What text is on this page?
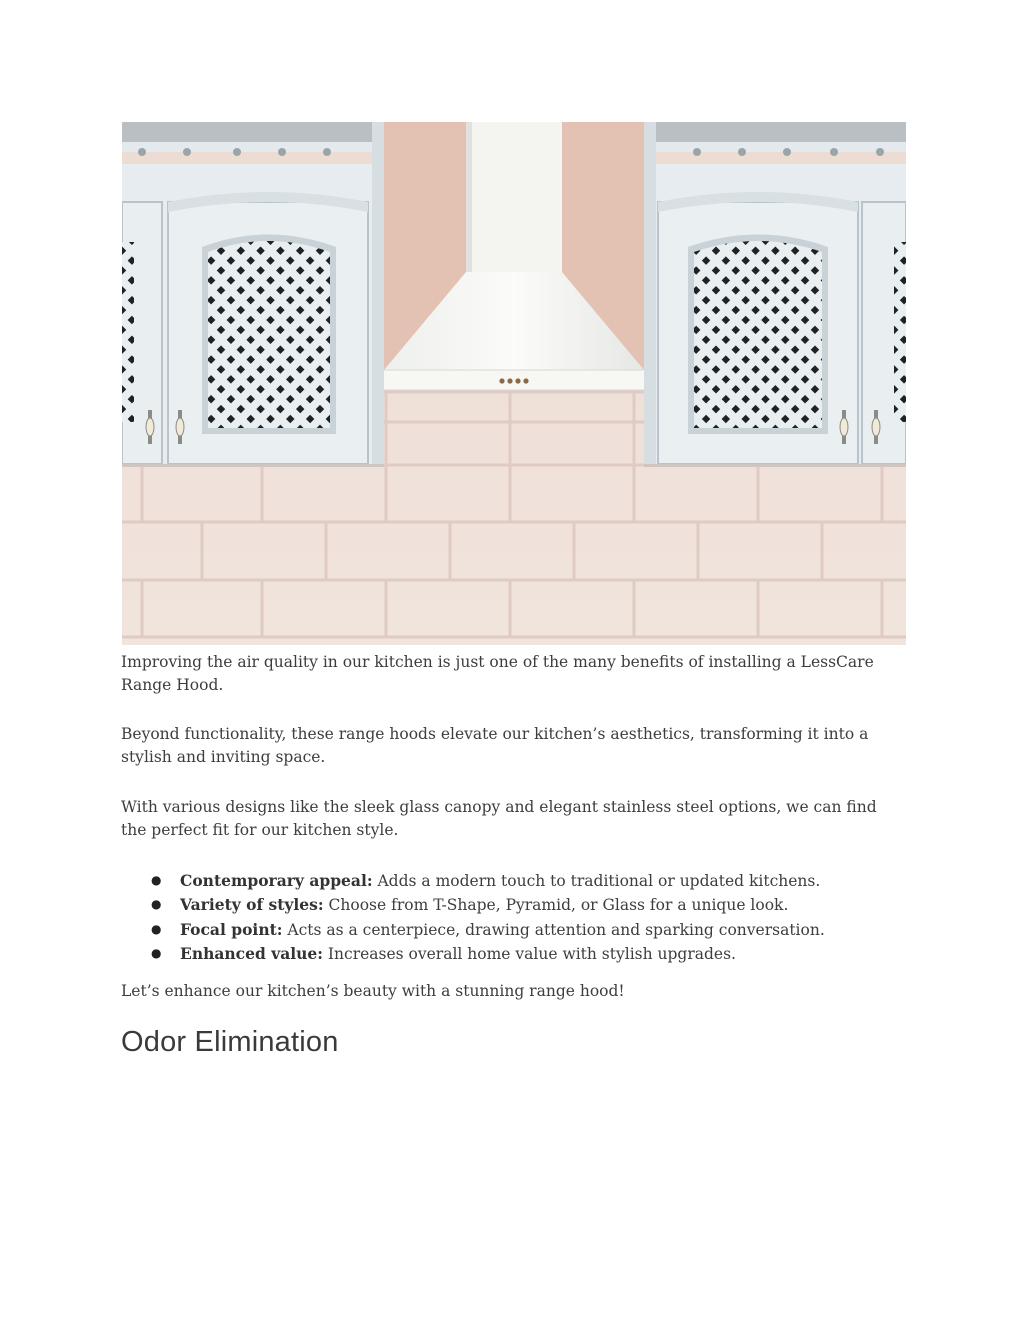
Improving the air quality in our kitchen is just one of the many benefits of installing a LessCare Range Hood.

Beyond functionality, these range hoods elevate our kitchen’s aesthetics, transforming it into a stylish and inviting space.

With various designs like the sleek glass canopy and elegant stainless steel options, we can find the perfect fit for our kitchen style.

● Contemporary appeal: Adds a modern touch to traditional or updated kitchens.
● Variety of styles: Choose from T-Shape, Pyramid, or Glass for a unique look.
● Focal point: Acts as a centerpiece, drawing attention and sparking conversation.
● Enhanced value: Increases overall home value with stylish upgrades.

Let’s enhance our kitchen’s beauty with a stunning range hood!

Odor Elimination
